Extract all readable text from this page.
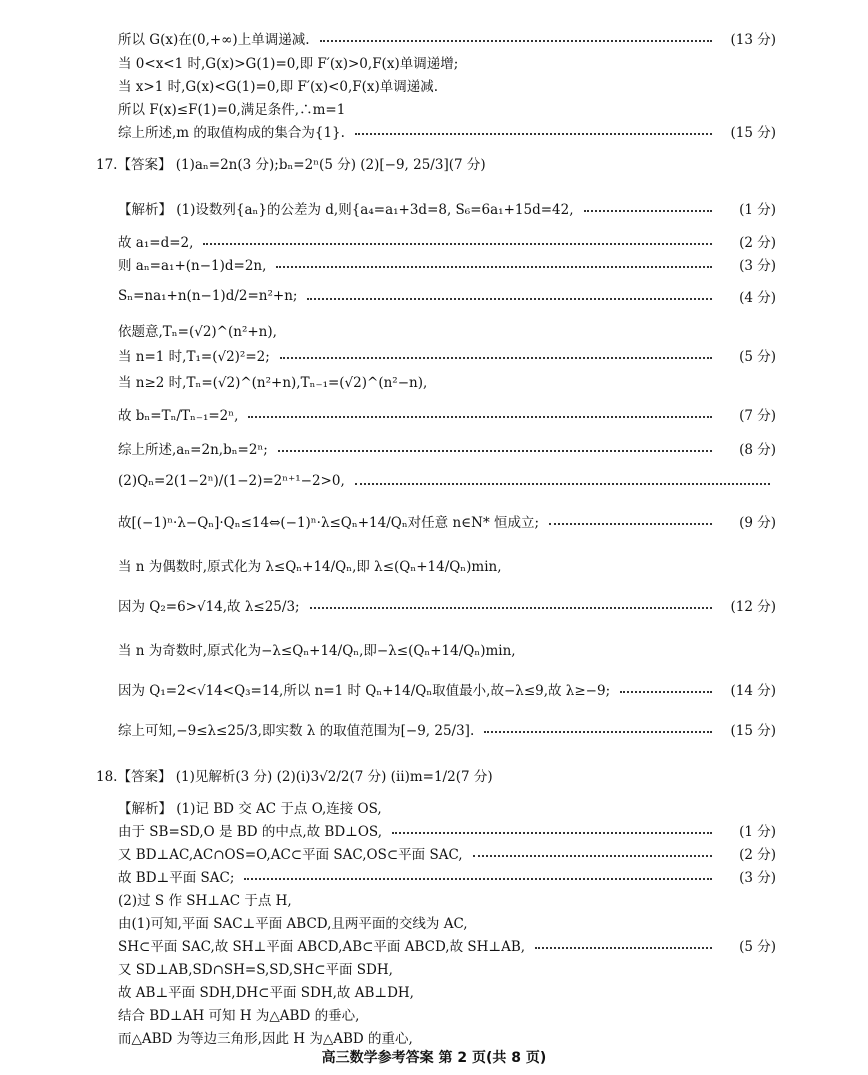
所以 G(x)在(0,+∞)上单调递减.	(13 分)
当 0<x<1 时,G(x)>G(1)=0,即 F′(x)>0,F(x)单调递增;
当 x>1 时,G(x)<G(1)=0,即 F′(x)<0,F(x)单调递减.
所以 F(x)≤F(1)=0,满足条件,∴m=1
综上所述,m 的取值构成的集合为{1}.	(15 分)
17.【答案】 (1)aₙ=2n(3 分);bₙ=2ⁿ(5 分) (2)[−9, 25/3](7 分)
【解析】 (1)设数列{aₙ}的公差为 d,则{a₄=a₁+3d=8, S₆=6a₁+15d=42,	(1 分)
故 a₁=d=2,	(2 分)
则 aₙ=a₁+(n−1)d=2n,	(3 分)
Sₙ=na₁+n(n−1)d/2=n²+n;	(4 分)
依题意,Tₙ=(√2)^(n²+n),
当 n=1 时,T₁=(√2)²=2;	(5 分)
当 n≥2 时,Tₙ=(√2)^(n²+n),Tₙ₋₁=(√2)^(n²−n),
故 bₙ=Tₙ/Tₙ₋₁=2ⁿ,	(7 分)
综上所述,aₙ=2n,bₙ=2ⁿ;	(8 分)
(2)Qₙ=2(1−2ⁿ)/(1−2)=2ⁿ⁺¹−2>0,
故[(−1)ⁿ·λ−Qₙ]·Qₙ≤14⇔(−1)ⁿ·λ≤Qₙ+14/Qₙ对任意 n∈N* 恒成立;	(9 分)
当 n 为偶数时,原式化为 λ≤Qₙ+14/Qₙ,即 λ≤(Qₙ+14/Qₙ)min,
因为 Q₂=6>√14,故 λ≤25/3;	(12 分)
当 n 为奇数时,原式化为−λ≤Qₙ+14/Qₙ,即−λ≤(Qₙ+14/Qₙ)min,
因为 Q₁=2<√14<Q₃=14,所以 n=1 时 Qₙ+14/Qₙ取值最小,故−λ≤9,故 λ≥−9;	(14 分)
综上可知,−9≤λ≤25/3,即实数 λ 的取值范围为[−9, 25/3].	(15 分)
18.【答案】 (1)见解析(3 分) (2)(i)3√2/2(7 分) (ii)m=1/2(7 分)
【解析】 (1)记 BD 交 AC 于点 O,连接 OS,
由于 SB=SD,O 是 BD 的中点,故 BD⊥OS,	(1 分)
又 BD⊥AC,AC∩OS=O,AC⊂平面 SAC,OS⊂平面 SAC,	(2 分)
故 BD⊥平面 SAC;	(3 分)
(2)过 S 作 SH⊥AC 于点 H,
由(1)可知,平面 SAC⊥平面 ABCD,且两平面的交线为 AC,
SH⊂平面 SAC,故 SH⊥平面 ABCD,AB⊂平面 ABCD,故 SH⊥AB,	(5 分)
又 SD⊥AB,SD∩SH=S,SD,SH⊂平面 SDH,
故 AB⊥平面 SDH,DH⊂平面 SDH,故 AB⊥DH,
结合 BD⊥AH 可知 H 为△ABD 的垂心,
而△ABD 为等边三角形,因此 H 为△ABD 的重心,
高三数学参考答案 第 2 页(共 8 页)
